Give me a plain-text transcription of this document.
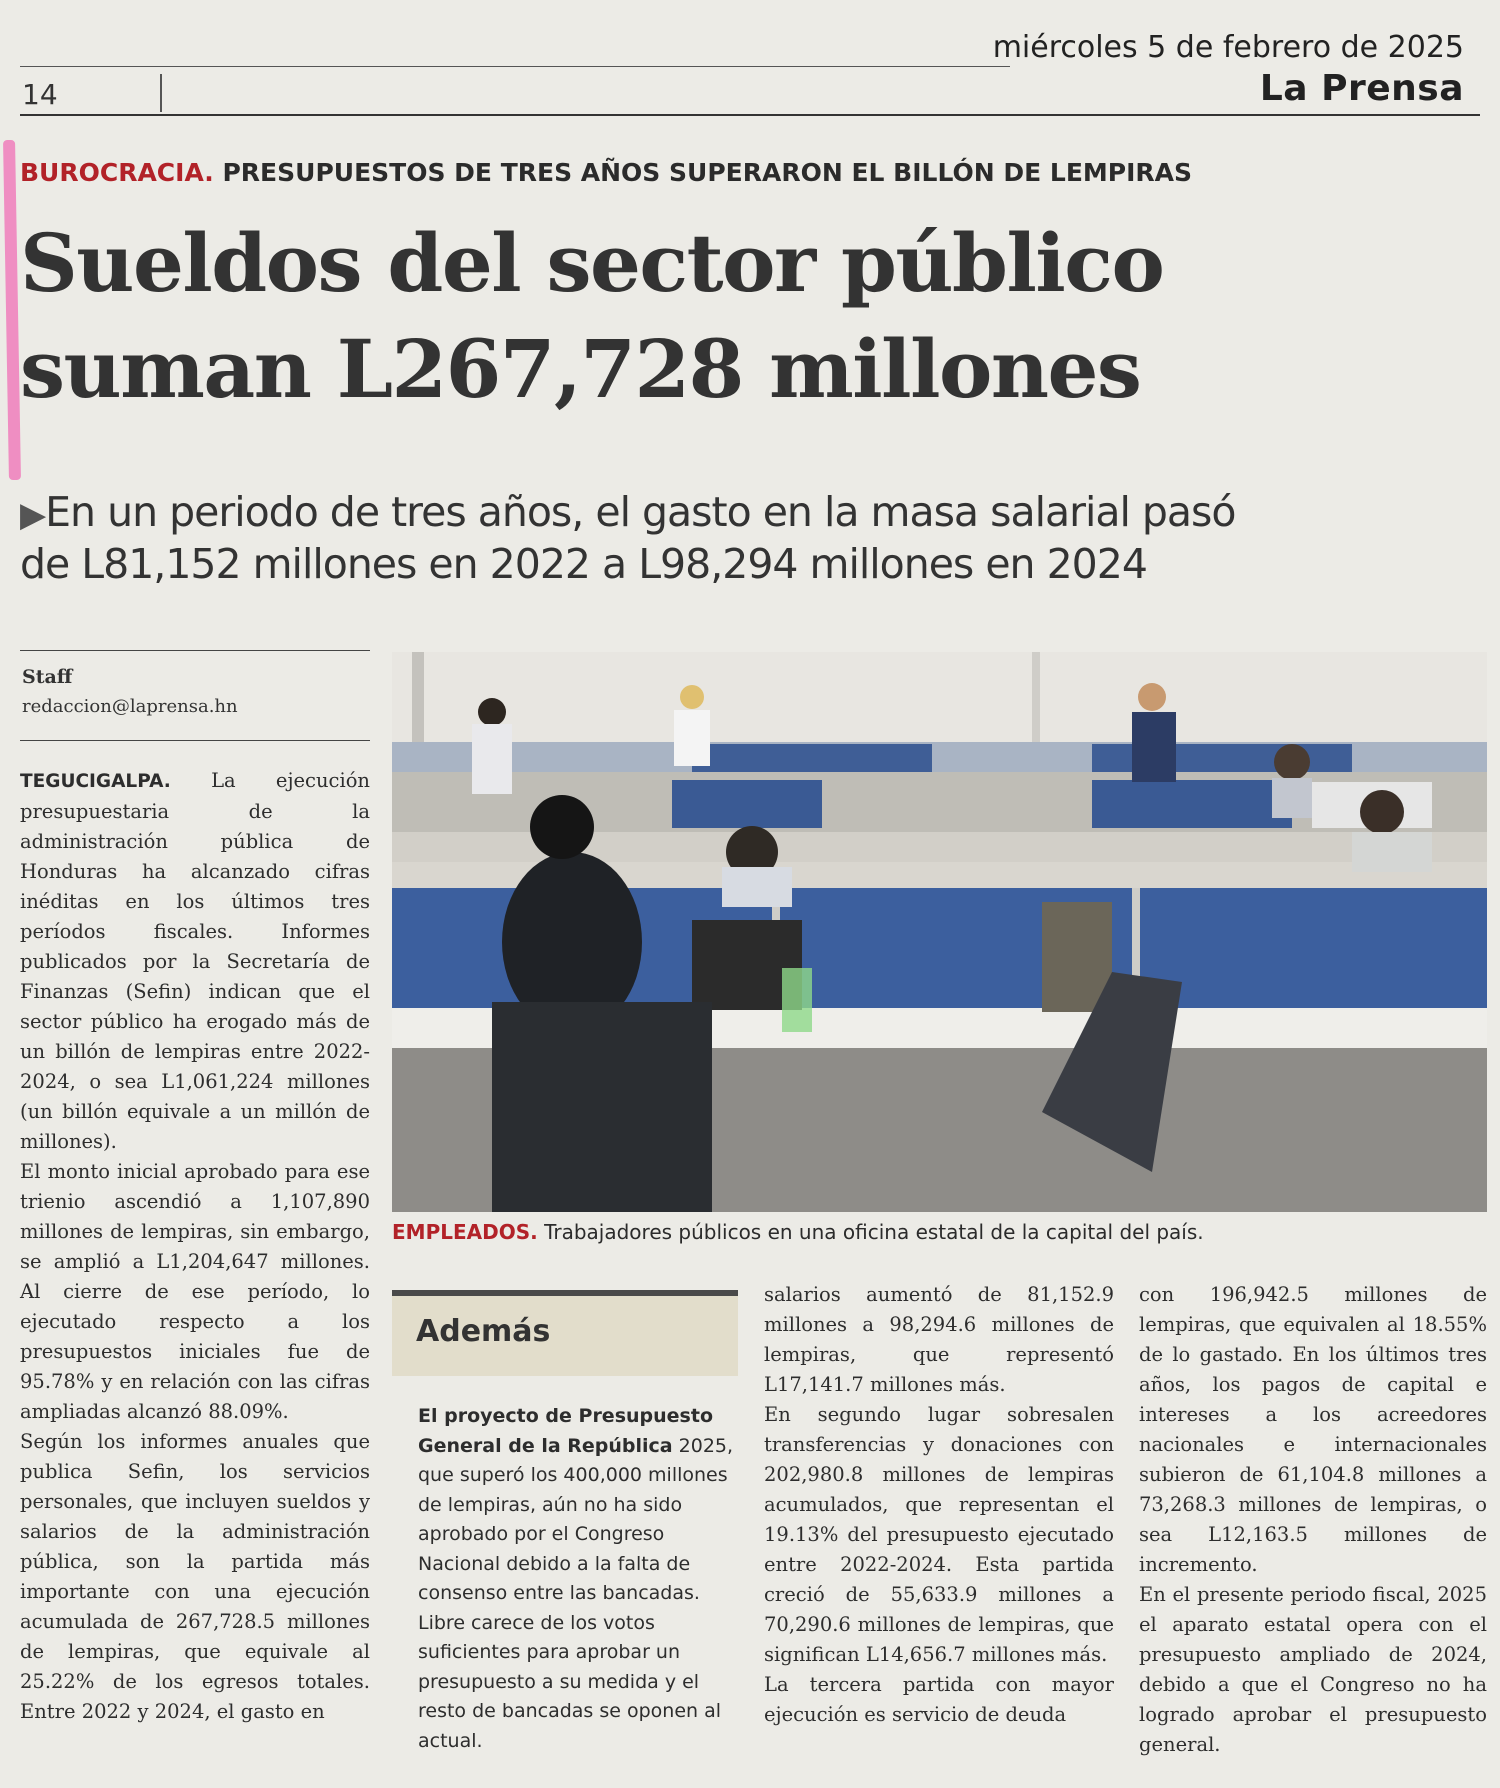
miércoles 5 de febrero de 2025
14	La Prensa
BUROCRACIA. PRESUPUESTOS DE TRES AÑOS SUPERARON EL BILLÓN DE LEMPIRAS
Sueldos del sector público
suman L267,728 millones
▶En un periodo de tres años, el gasto en la masa salarial pasó
de L81,152 millones en 2022 a L98,294 millones en 2024
Staff
redaccion@laprensa.hn

TEGUCIGALPA. La ejecución presupuestaria de la administración pública de Honduras ha alcanzado cifras inéditas en los últimos tres períodos fiscales. Informes publicados por la Secretaría de Finanzas (Sefin) indican que el sector público ha erogado más de un billón de lempiras entre 2022-2024, o sea L1,061,224 millones (un billón equivale a un millón de millones).

El monto inicial aprobado para ese trienio ascendió a 1,107,890 millones de lempiras, sin embargo, se amplió a L1,204,647 millones. Al cierre de ese período, lo ejecutado respecto a los presupuestos iniciales fue de 95.78% y en relación con las cifras ampliadas alcanzó 88.09%.

Según los informes anuales que publica Sefin, los servicios personales, que incluyen sueldos y salarios de la administración pública, son la partida más importante con una ejecución acumulada de 267,728.5 millones de lempiras, que equivale al 25.22% de los egresos totales. Entre 2022 y 2024, el gasto en

EMPLEADOS. Trabajadores públicos en una oficina estatal de la capital del país.
Además
El proyecto de Presupuesto General de la República 2025, que superó los 400,000 millones de lempiras, aún no ha sido aprobado por el Congreso Nacional debido a la falta de consenso entre las bancadas. Libre carece de los votos suficientes para aprobar un presupuesto a su medida y el resto de bancadas se oponen al actual.

salarios aumentó de 81,152.9 millones a 98,294.6 millones de lempiras, que representó L17,141.7 millones más.

En segundo lugar sobresalen transferencias y donaciones con 202,980.8 millones de lempiras acumulados, que representan el 19.13% del presupuesto ejecutado entre 2022-2024. Esta partida creció de 55,633.9 millones a 70,290.6 millones de lempiras, que significan L14,656.7 millones más.

La tercera partida con mayor ejecución es servicio de deuda

con 196,942.5 millones de lempiras, que equivalen al 18.55% de lo gastado. En los últimos tres años, los pagos de capital e intereses a los acreedores nacionales e internacionales subieron de 61,104.8 millones a 73,268.3 millones de lempiras, o sea L12,163.5 millones de incremento.

En el presente periodo fiscal, 2025 el aparato estatal opera con el presupuesto ampliado de 2024, debido a que el Congreso no ha logrado aprobar el presupuesto general.
